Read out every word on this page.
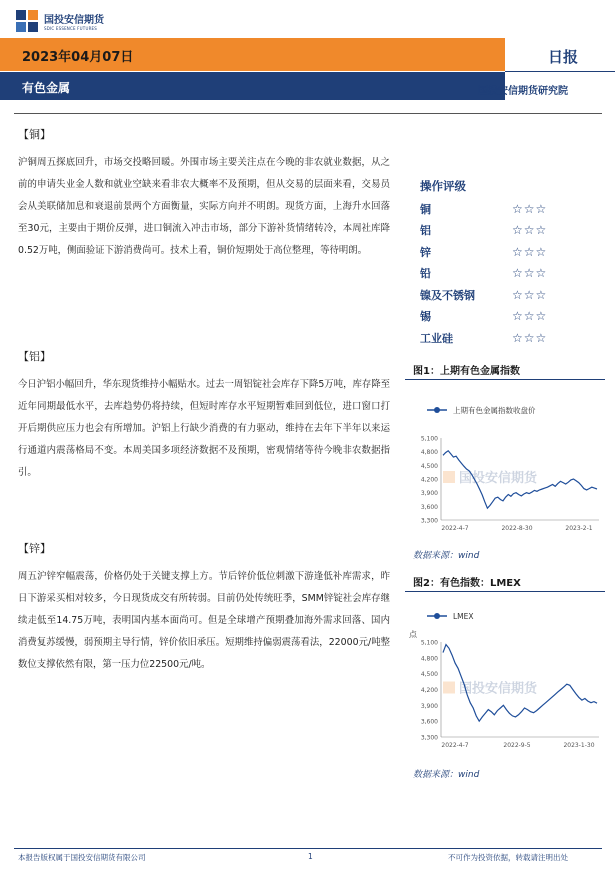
国投安信期货
SDIC ESSENCE FUTURES
2023年04月07日
有色金属
日报
国投安信期货研究院
【铜】
沪铜周五探底回升，市场交投略回暖。外围市场主要关注点在今晚的非农就业数据，从之前的申请失业金人数和就业空缺来看非农大概率不及预期，但从交易的层面来看，交易员会从美联储加息和衰退前景两个方面衡量，实际方向并不明朗。现货方面，上海升水回落至30元，主要由于期价反弹，进口铜流入冲击市场，部分下游补货情绪转冷，本周社库降0.52万吨，侧面验证下游消费尚可。技术上看，铜价短期处于高位整理，等待明朗。
【铝】
今日沪铝小幅回升，华东现货维持小幅贴水。过去一周铝锭社会库存下降5万吨，库存降至近年同期最低水平，去库趋势仍将持续，但短时库存水平短期暂难回到低位，进口窗口打开后期供应压力也会有所增加。沪铝上行缺少消费的有力驱动，维持在去年下半年以来运行通道内震荡格局不变。本周美国多项经济数据不及预期，密观情绪等待今晚非农数据指引。
【锌】
周五沪锌窄幅震荡，价格仍处于关键支撑上方。节后锌价低位刺激下游逢低补库需求，昨日下游采买相对较多，今日现货成交有所转弱。目前仍处传统旺季，SMM锌锭社会库存继续走低至14.75万吨，表明国内基本面尚可。但是全球增产预期叠加海外需求回落、国内消费复苏缓慢，弱预期主导行情，锌价依旧承压。短期维持偏弱震荡看法，22000元/吨整数位支撑依然有限，第一压力位22500元/吨。
操作评级
铜	☆☆☆
铝	☆☆☆
锌	☆☆☆
铅	☆☆☆
镍及不锈钢	☆☆☆
锡	☆☆☆
工业硅	☆☆☆
图1：上期有色金属指数
上期有色金属指数收盘价
5,100
4,800
4,500
4,200
3,900
3,600
3,300
2022-4-7	2022-8-30	2023-2-1
国投安信期货
数据来源：wind
图2：有色指数：LMEX
LMEX
点
5,100
4,800
4,500
4,200
3,900
3,600
3,300
2022-4-7	2022-9-5	2023-1-30
国投安信期货
数据来源：wind
本报告版权属于国投安信期货有限公司	1	不可作为投资依据，转载请注明出处
